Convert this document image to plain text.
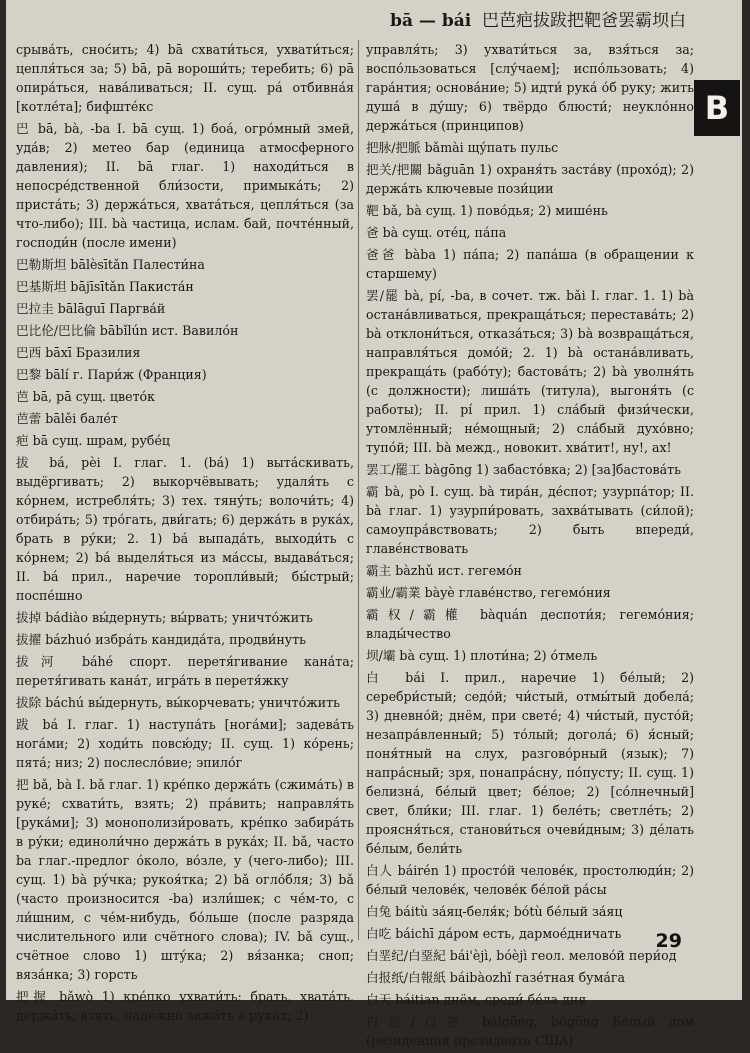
bā — bái 巴芭疤拔跋把靶爸罢霸坝白
B
срыва́ть, снос́ить; 4) bā схвати́ться, ухвати́ться; цепля́ться за; 5) bā, pā вороши́ть; теребить; 6) pā опира́ться, нава́ливаться; II. сущ. pá отбивна́я [котле́та]; бифште́кс
巴 bā, bà, -ba I. bā сущ. 1) боа́, огро́мный змей, уда́в; 2) метео бар (единица атмосферного давления); II. bā глаг. 1) находи́ться в непосре́дственной бли́зости, примыка́ть; 2) приста́ть; 3) держа́ться, хвата́ться, цепля́ться (за что-либо); III. bà частица, ислам. бай, почте́нный, господи́н (после имени)
巴勒斯坦 bālèsītǎn Палести́на
巴基斯坦 bājīsītǎn Пакиста́н
巴拉圭 bālāguī Паргва́й
巴比伦/巴比倫 bābǐlún ист. Вавило́н
巴西 bāxī Бразилия
巴黎 bālí г. Пари́ж (Франция)
芭 bā, pā сущ. цвето́к
芭蕾 bālěi бале́т
疤 bā сущ. шрам, рубе́ц
拔 bá, pèi I. глаг. 1. (bá) 1) выта́скивать, выдёргивать; 2) выкорчёвывать; удаля́ть с ко́рнем, истребля́ть; 3) тех. тяну́ть; волочи́ть; 4) отбира́ть; 5) тро́гать, дви́гать; 6) держа́ть в рука́х, брать в ру́ки; 2. 1) bá выпада́ть, выходи́ть с ко́рнем; 2) bá выделя́ться из ма́ссы, выдава́ться; II. bá прил., наречие торопли́вый; бы́стрый; поспе́шно
拔掉 bádiào вы́дернуть; вы́рвать; уничто́жить
拔擢 bázhuó избра́ть кандида́та, продви́нуть
拔河 báhé спорт. перетя́гивание кана́та; перетя́гивать кана́т, игра́ть в перетя́жку
拔除 báchú вы́дернуть, вы́корчевать; уничто́жить
跋 bá I. глаг. 1) наступа́ть [нога́ми]; задева́ть нога́ми; 2) ходи́ть повсю́ду; II. сущ. 1) ко́рень; пята́; низ; 2) послесло́вие; эпило́г
把 bǎ, bà I. bǎ глаг. 1) кре́пко держа́ть (сжима́ть) в руке́; схвати́ть, взять; 2) пра́вить; направля́ть [рука́ми]; 3) монополизи́ровать, кре́пко забира́ть в ру́ки; единоли́чно держа́ть в рука́х; II. bǎ, часто ba глаг.-предлог о́коло, во́зле, у (чего-либо); III. сущ. 1) bà ру́чка; рукоя́тка; 2) bǎ огло́бля; 3) bǎ (часто произносится -ba) изли́шек; с че́м-то, с ли́шним, с че́м-нибудь, бо́льше (после разряда числительного или счётного слова); IV. bǎ сущ., счётное слово 1) шту́ка; 2) вя́занка; сноп; вяза́нка; 3) горсть
把握 bǎwò 1) кре́пко ухвати́ть; брать, хвата́ть, держа́ть; взять, наде́жно зажа́ть в рука́х; 2)
управля́ть; 3) ухвати́ться за, взя́ться за; воспо́льзоваться [слу́чаем]; испо́льзовать; 4) гара́нтия; основа́ние; 5) идти́ рука́ о́б руку; жить душа́ в ду́шу; 6) твёрдо блюсти́; неукло́нно держа́ться (принципов)
把脉/把脈 bǎmài щу́пать пульс
把关/把關 bǎguān 1) охраня́ть заста́ву (прохо́д); 2) держа́ть ключевые пози́ции
靶 bǎ, bà сущ. 1) пово́дья; 2) мише́нь
爸 bà сущ. оте́ц, па́па
爸爸 bàba 1) па́па; 2) папа́ша (в обращении к старшему)
罢/罷 bà, pí, -ba, в сочет. тж. bǎi I. глаг. 1. 1) bà остана́вливаться, прекраща́ться; перестава́ть; 2) bà отклони́ться, отказа́ться; 3) bà возвраща́ться, направля́ться домо́й; 2. 1) bà остана́вливать, прекраща́ть (рабо́ту); бастова́ть; 2) bà уволня́ть (с должности); лиша́ть (титула), выгоня́ть (с работы); II. pí прил. 1) сла́бый физи́чески, утомлённый; не́мощный; 2) сла́бый духо́вно; тупо́й; III. bà межд., новокит. хва́тит!, ну!, ах!
罢工/罷工 bàgōng 1) забасто́вка; 2) [за]бастова́ть
霸 bà, pò I. сущ. bà тира́н, де́спот; узурпа́тор; II. bà глаг. 1) узурпи́ровать, захва́тывать (си́лой); самоупра́вствовать; 2) быть впереди́, главе́нствовать
霸主 bàzhǔ ист. гегемо́н
霸业/霸業 bàyè главе́нство, гегемо́ния
霸权/霸權 bàquán деспоти́я; гегемо́ния; влады́чество
坝/壩 bà сущ. 1) плоти́на; 2) о́тмель
白 bái I. прил., наречие 1) бе́лый; 2) серебри́стый; седо́й; чи́стый, отмы́тый добела́; 3) дневно́й; днём, при свете́; 4) чи́стый, пусто́й; незапра́вленный; 5) то́лый; догола́; 6) я́сный; поня́тный на слух, разгово́рный (язык); 7) напра́сный; зря, понапра́сну, по́пусту; II. сущ. 1) белизна́, бе́лый цвет; бе́лое; 2) [со́лнечный] свет, бли́ки; III. глаг. 1) беле́ть; светле́ть; 2) проясня́ться, станови́ться очеви́дным; 3) де́лать бе́лым, бели́ть
白人 báirén 1) просто́й челове́к, простолюди́н; 2) бе́лый челове́к, челове́к бе́лой ра́сы
白兔 báitù за́яц-беля́к; bótù бе́лый за́яц
白吃 báichī да́ром есть, дармое́дничать
白垩纪/白堊紀 bái'èjì, bóèjì геол. мелово́й пери́од
白报纸/白報紙 báibàozhǐ газе́тная бума́га
白天 báitian днём, среди́ бе́ла дня
白宫/白宮 báigōng, bógōng Бе́лый дом (резиденция президента США)
29
